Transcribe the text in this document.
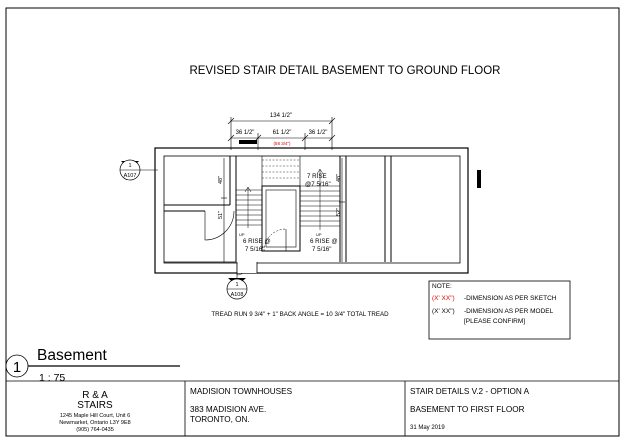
REVISED STAIR DETAIL BASEMENT TO GROUND FLOOR
134 1/2"
36 1/2"	61 1/2"
(58 3/4")
36 1/2"
48"
51"
48"
52"
1
A107
1
A108
7 RISE
@7 5/16"
6 RISE @
7 5/16"
6 RISE @
7 5/16"
UP	UP
TREAD RUN 9 3/4" + 1" BACK ANGLE = 10 3/4" TOTAL TREAD
NOTE:
(X' XX") -DIMENSION AS PER SKETCH
(X' XX") -DIMENSION AS PER MODEL
[PLEASE CONFIRM]
1
Basement
1 : 75
R & A
STAIRS
1245 Maple Hill Court, Unit 6
Newmarket, Ontario L3Y 9E8
(905) 764-0435
MADISION TOWNHOUSES
383 MADISION AVE.
TORONTO, ON.
STAIR DETAILS V.2 - OPTION A
BASEMENT TO FIRST FLOOR
31 May 2019
